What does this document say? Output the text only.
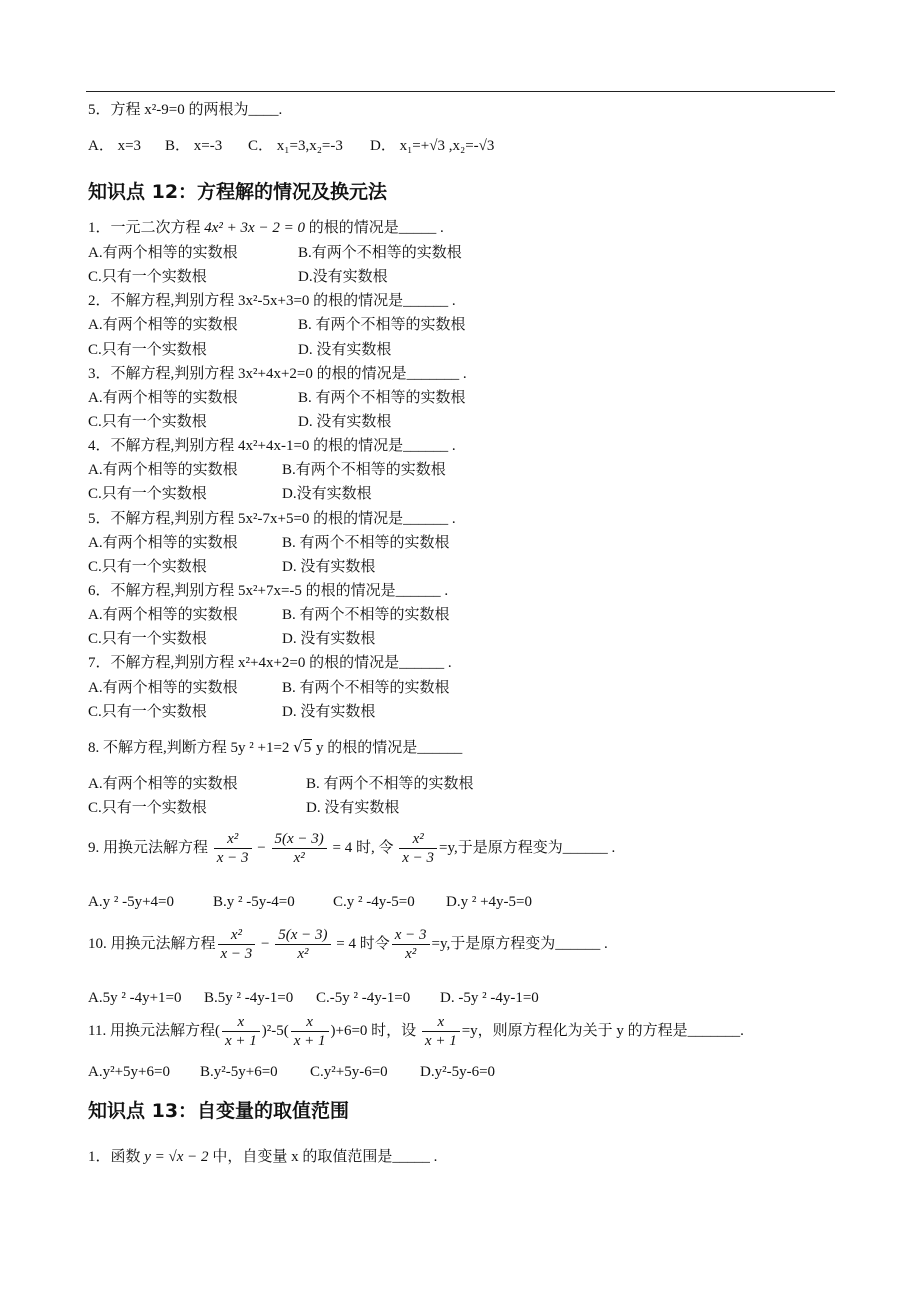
5．方程 x²-9=0 的两根为____.
A． x=3 B． x=-3 C． x₁=3,x₂=-3 D． x₁=+√3 ,x₂=-√3
知识点 12：方程解的情况及换元法
1．一元二次方程 4x² + 3x − 2 = 0 的根的情况是_____ .
A.有两个相等的实数根	B.有两个不相等的实数根
C.只有一个实数根	D.没有实数根
2．不解方程,判别方程 3x²-5x+3=0 的根的情况是______ .
A.有两个相等的实数根	B. 有两个不相等的实数根
C.只有一个实数根	D. 没有实数根
3．不解方程,判别方程 3x²+4x+2=0 的根的情况是_______ .
A.有两个相等的实数根	B. 有两个不相等的实数根
C.只有一个实数根	D. 没有实数根
4．不解方程,判别方程 4x²+4x-1=0 的根的情况是______ .
A.有两个相等的实数根	B.有两个不相等的实数根
C.只有一个实数根	D.没有实数根
5．不解方程,判别方程 5x²-7x+5=0 的根的情况是______ .
A.有两个相等的实数根	B. 有两个不相等的实数根
C.只有一个实数根	D. 没有实数根
6．不解方程,判别方程 5x²+7x=-5 的根的情况是______ .
A.有两个相等的实数根	B. 有两个不相等的实数根
C.只有一个实数根	D. 没有实数根
7．不解方程,判别方程 x²+4x+2=0 的根的情况是______ .
A.有两个相等的实数根	B. 有两个不相等的实数根
C.只有一个实数根	D. 没有实数根
8. 不解方程,判断方程 5y ² +1=2 √5 y 的根的情况是______
A.有两个相等的实数根	B. 有两个不相等的实数根
C.只有一个实数根	D. 没有实数根
9. 用换元法解方程 $\frac{\text{x²}}{x - 3} - \frac{5(x - 3)}{\text{x²}} = 4$ 时, 令 $\frac{\text{x²}}{x - 3} =y$,于是原方程变为______ .
A.y ² -5y+4=0	B.y ² -5y-4=0	C.y ² -4y-5=0 D.y ² +4y-5=0
10. 用换元法解方程 $\frac{\text{x²}}{x - 3} - \frac{5(x - 3)}{\text{x²}} = 4$ 时令 $\frac{x - 3}{\text{x²}} =y$,于是原方程变为______ .
A.5y ² -4y+1=0 B.5y ² -4y-1=0 C.-5y ² -4y-1=0 D. -5y ² -4y-1=0
11. 用换元法解方程( $\frac{x}{x + 1} )^2-5( \frac{x}{x + 1} )+6=0$ 时，设 $\frac{x}{x + 1} =y$，则原方程化为关于 y 的方程是_______.
A.y²+5y+6=0 B.y²-5y+6=0 C.y²+5y-6=0 D.y²-5y-6=0
知识点 13：自变量的取值范围
1．函数 y = √x − 2 中，自变量 x 的取值范围是_____ .
